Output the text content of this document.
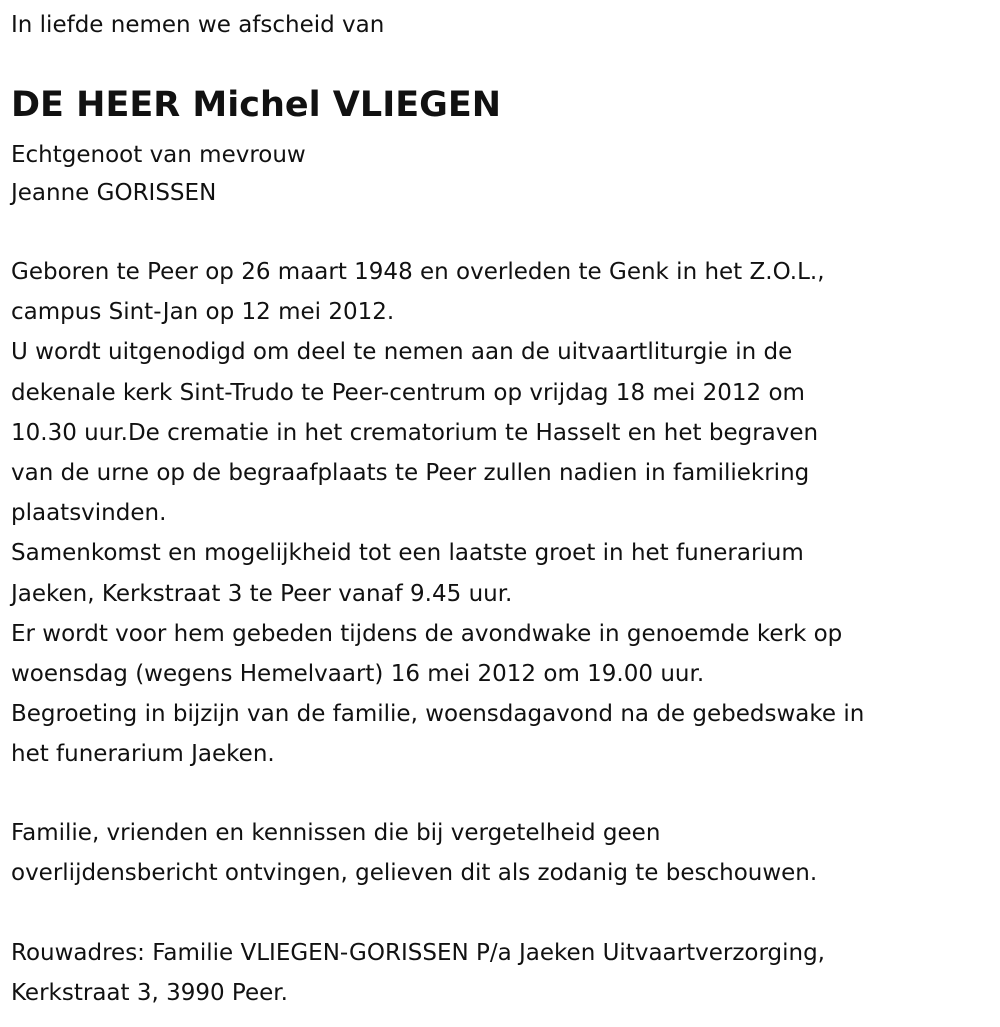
In liefde nemen we afscheid van
DE HEER Michel VLIEGEN
Echtgenoot van mevrouw
Jeanne GORISSEN
Geboren te Peer op 26 maart 1948 en overleden te Genk in het Z.O.L.,
campus Sint-Jan op 12 mei 2012.
U wordt uitgenodigd om deel te nemen aan de uitvaartliturgie in de
dekenale kerk Sint-Trudo te Peer-centrum op vrijdag 18 mei 2012 om
10.30 uur.De crematie in het crematorium te Hasselt en het begraven
van de urne op de begraafplaats te Peer zullen nadien in familiekring
plaatsvinden.
Samenkomst en mogelijkheid tot een laatste groet in het funerarium
Jaeken, Kerkstraat 3 te Peer vanaf 9.45 uur.
Er wordt voor hem gebeden tijdens de avondwake in genoemde kerk op
woensdag (wegens Hemelvaart) 16 mei 2012 om 19.00 uur.
Begroeting in bijzijn van de familie, woensdagavond na de gebedswake in
het funerarium Jaeken.
Familie, vrienden en kennissen die bij vergetelheid geen
overlijdensbericht ontvingen, gelieven dit als zodanig te beschouwen.
Rouwadres: Familie VLIEGEN-GORISSEN P/a Jaeken Uitvaartverzorging,
Kerkstraat 3, 3990 Peer.
